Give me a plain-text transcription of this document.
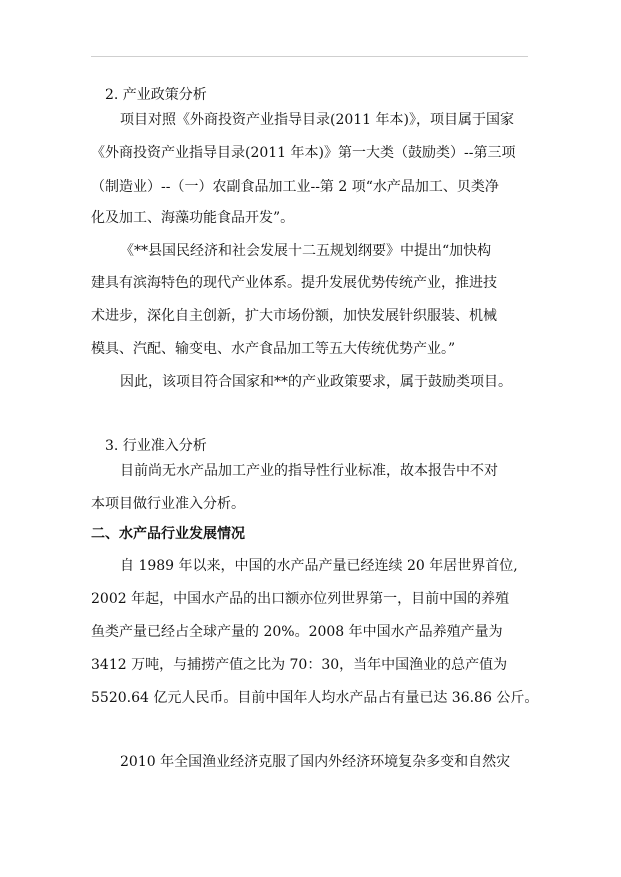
2. 产业政策分析
项目对照《外商投资产业指导目录(2011 年本)》，项目属于国家
《外商投资产业指导目录(2011 年本)》第一大类（鼓励类）--第三项
（制造业）--（一）农副食品加工业--第 2 项“水产品加工、贝类净
化及加工、海藻功能食品开发”。
《**县国民经济和社会发展十二五规划纲要》中提出“加快构
建具有滨海特色的现代产业体系。提升发展优势传统产业，推进技
术进步，深化自主创新，扩大市场份额，加快发展针织服装、机械
模具、汽配、输变电、水产食品加工等五大传统优势产业。”
因此，该项目符合国家和**的产业政策要求，属于鼓励类项目。
3. 行业准入分析
目前尚无水产品加工产业的指导性行业标准，故本报告中不对
本项目做行业准入分析。
二、水产品行业发展情况
自 1989 年以来，中国的水产品产量已经连续 20 年居世界首位,
2002 年起，中国水产品的出口额亦位列世界第一，目前中国的养殖
鱼类产量已经占全球产量的 20%。2008 年中国水产品养殖产量为
3412 万吨，与捕捞产值之比为 70：30，当年中国渔业的总产值为
5520.64 亿元人民币。目前中国年人均水产品占有量已达 36.86 公斤。
2010 年全国渔业经济克服了国内外经济环境复杂多变和自然灾
